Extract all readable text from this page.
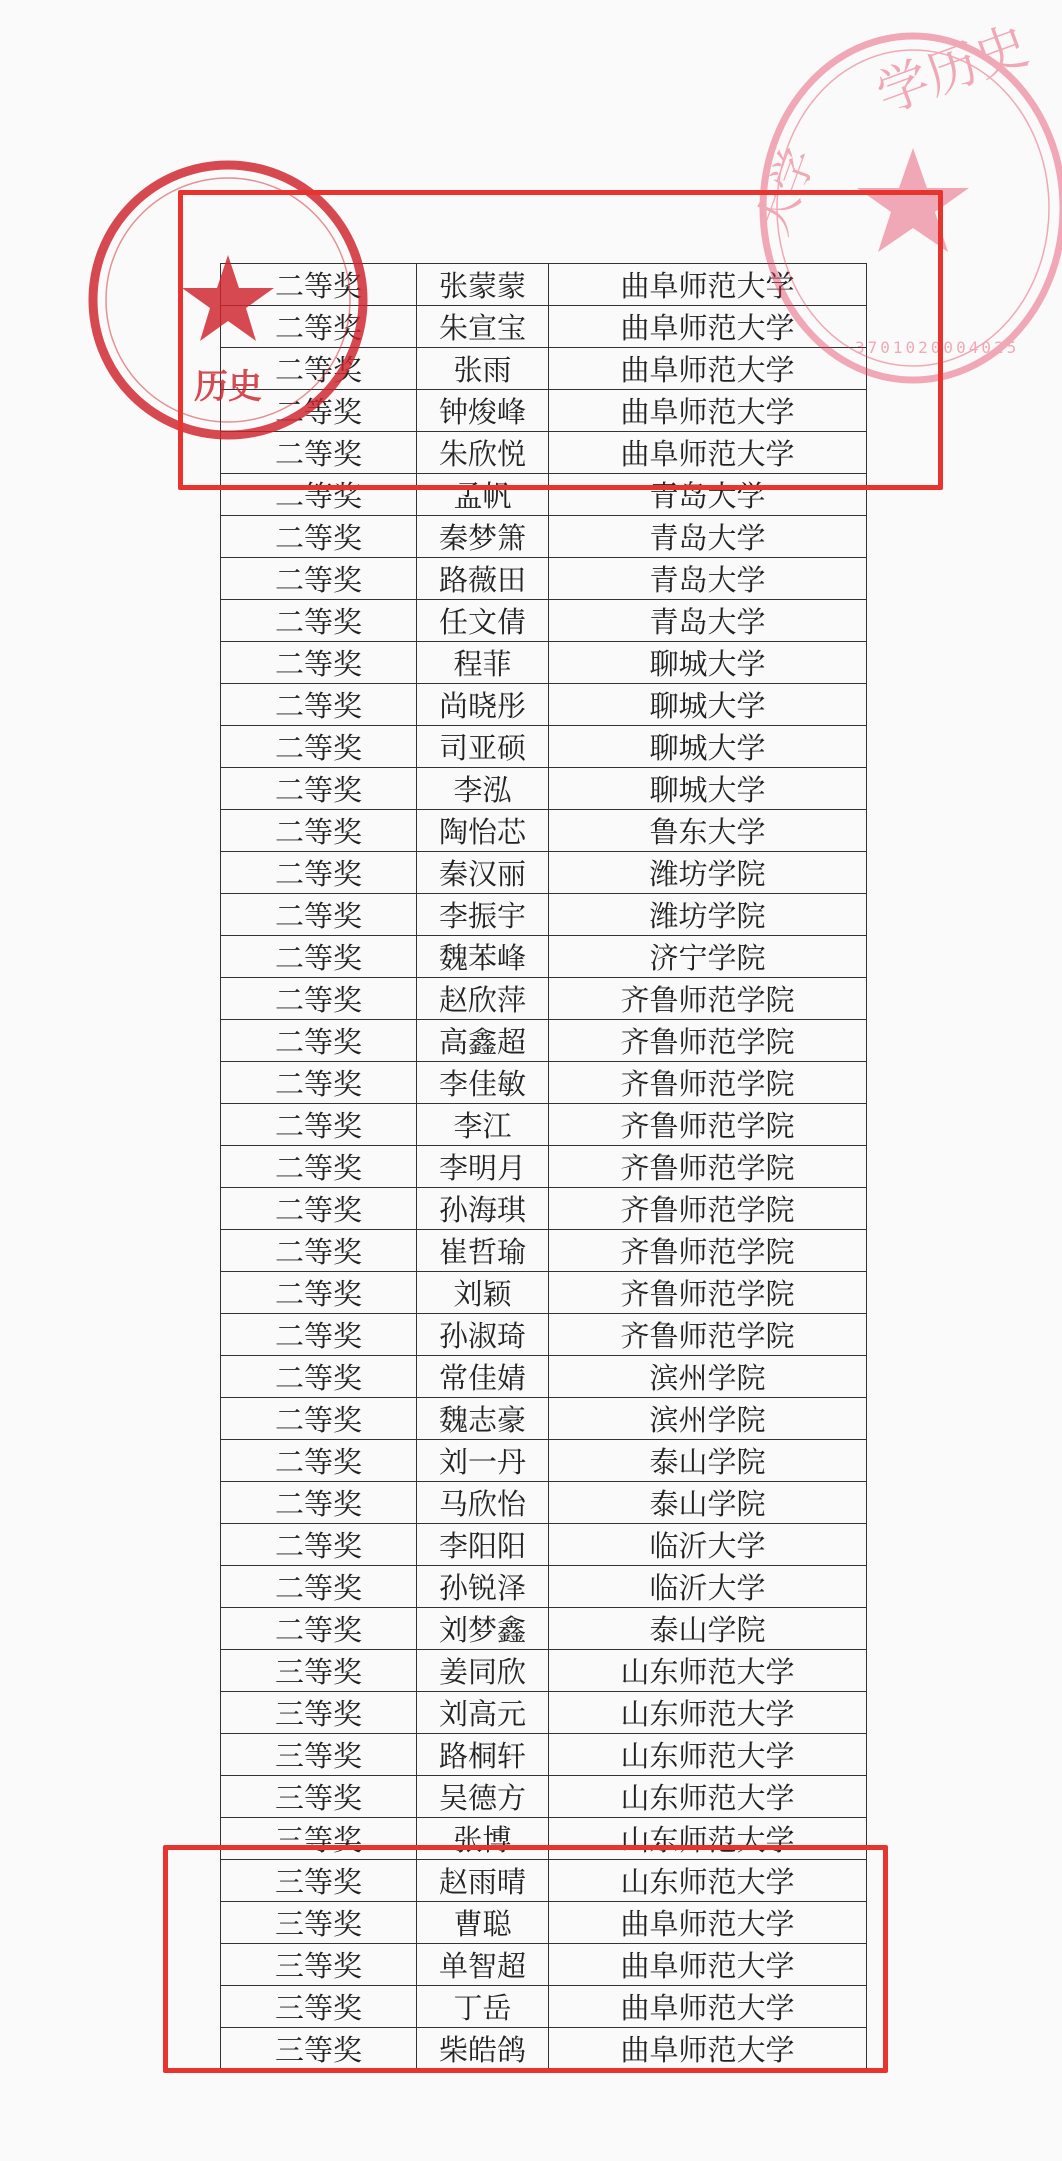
二等奖	张蒙蒙	曲阜师范大学
二等奖	朱宣宝	曲阜师范大学
二等奖	张雨	曲阜师范大学
二等奖	钟焌峰	曲阜师范大学
二等奖	朱欣悦	曲阜师范大学
二等奖	孟帆	青岛大学
二等奖	秦梦箫	青岛大学
二等奖	路薇田	青岛大学
二等奖	任文倩	青岛大学
二等奖	程菲	聊城大学
二等奖	尚晓彤	聊城大学
二等奖	司亚硕	聊城大学
二等奖	李泓	聊城大学
二等奖	陶怡芯	鲁东大学
二等奖	秦汉丽	潍坊学院
二等奖	李振宇	潍坊学院
二等奖	魏苯峰	济宁学院
二等奖	赵欣萍	齐鲁师范学院
二等奖	高鑫超	齐鲁师范学院
二等奖	李佳敏	齐鲁师范学院
二等奖	李江	齐鲁师范学院
二等奖	李明月	齐鲁师范学院
二等奖	孙海琪	齐鲁师范学院
二等奖	崔哲瑜	齐鲁师范学院
二等奖	刘颖	齐鲁师范学院
二等奖	孙淑琦	齐鲁师范学院
二等奖	常佳婧	滨州学院
二等奖	魏志豪	滨州学院
二等奖	刘一丹	泰山学院
二等奖	马欣怡	泰山学院
二等奖	李阳阳	临沂大学
二等奖	孙锐泽	临沂大学
二等奖	刘梦鑫	泰山学院
三等奖	姜同欣	山东师范大学
三等奖	刘高元	山东师范大学
三等奖	路桐轩	山东师范大学
三等奖	吴德方	山东师范大学
三等奖	张博	山东师范大学
三等奖	赵雨晴	山东师范大学
三等奖	曹聪	曲阜师范大学
三等奖	单智超	曲阜师范大学
三等奖	丁岳	曲阜师范大学
三等奖	柴皓鸽	曲阜师范大学
历史
学历史
大学
3701020004025
